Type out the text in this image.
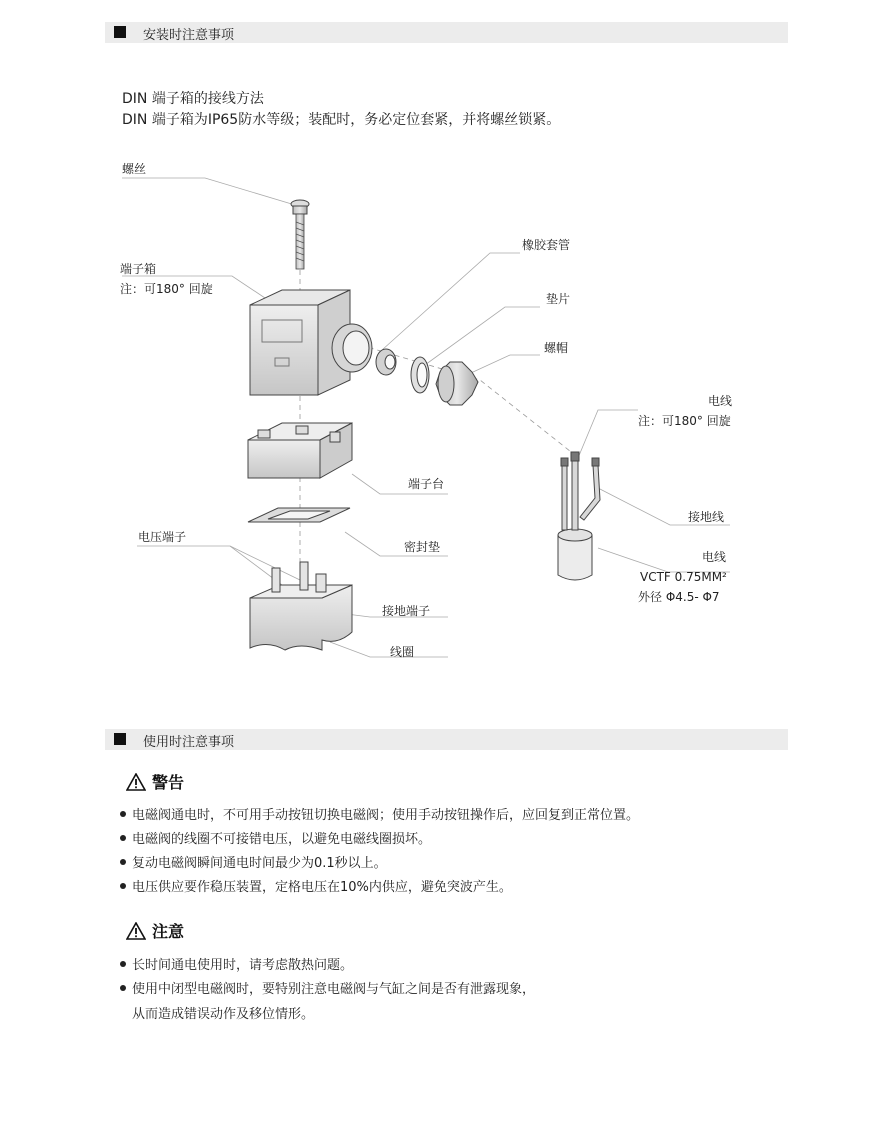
安装时注意事项
DIN 端子箱的接线方法
DIN 端子箱为IP65防水等级；装配时，务必定位套紧，并将螺丝锁紧。
螺丝
端子箱
注：可180° 回旋
橡胶套管
垫片
螺帽
电线
注：可180° 回旋
端子台
接地线
电线
VCTF 0.75MM²
外径 Φ4.5- Φ7
电压端子
密封垫
接地端子
线圈
使用时注意事项
警告
电磁阀通电时，不可用手动按钮切换电磁阀；使用手动按钮操作后，应回复到正常位置。
电磁阀的线圈不可接错电压，以避免电磁线圈损坏。
复动电磁阀瞬间通电时间最少为0.1秒以上。
电压供应要作稳压装置，定格电压在10%内供应，避免突波产生。
注意
长时间通电使用时，请考虑散热问题。
使用中闭型电磁阀时，要特别注意电磁阀与气缸之间是否有泄露现象，
从而造成错误动作及移位情形。
